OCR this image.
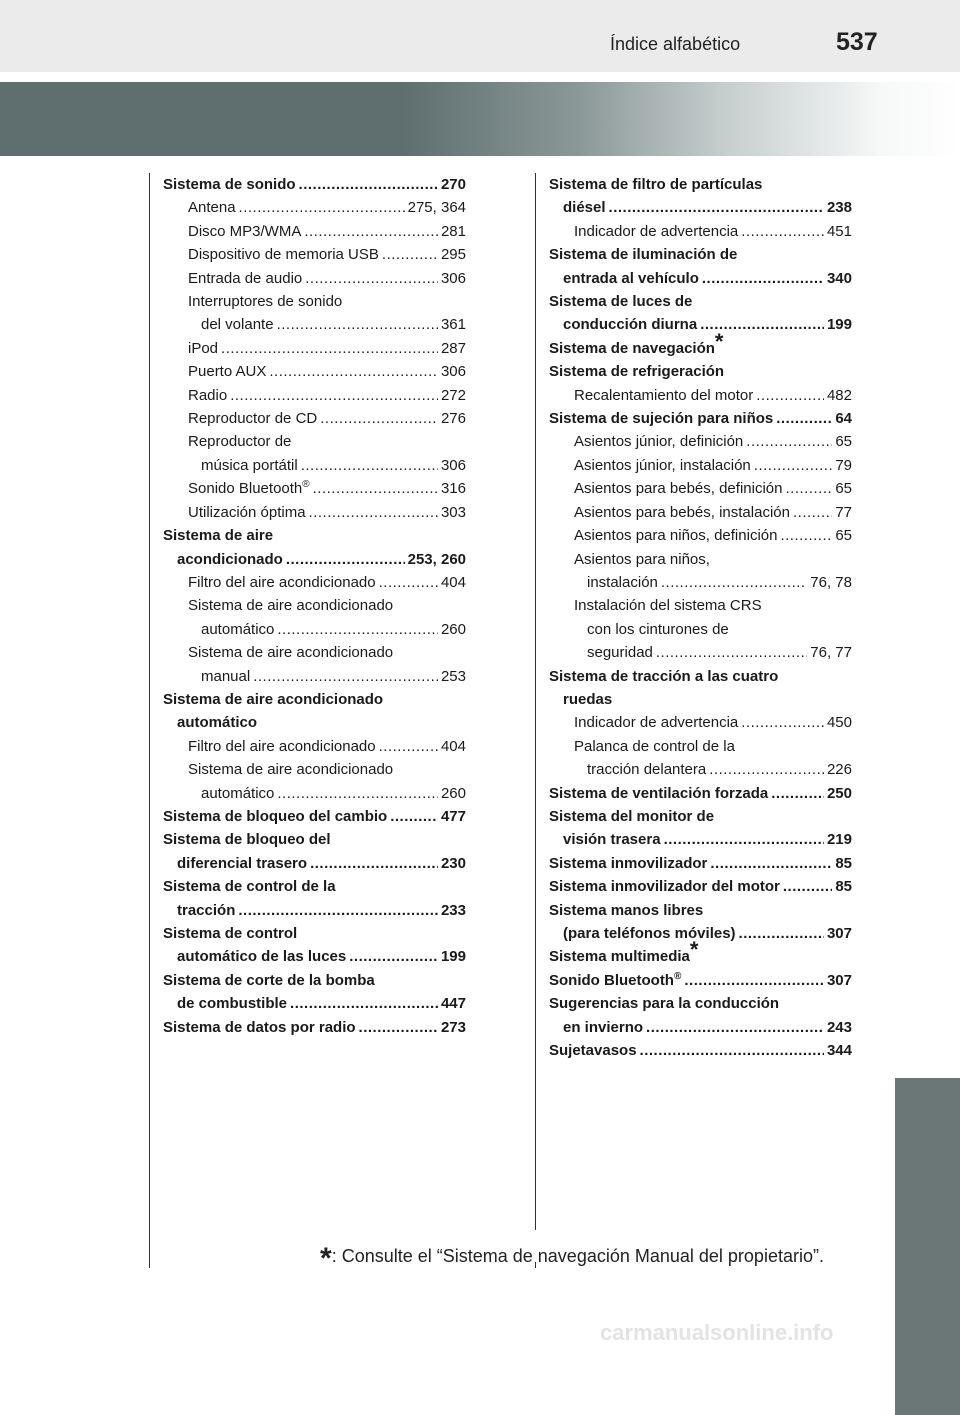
Índice alfabético	537
Sistema de sonido .....	270
Antena .....	275, 364
Disco MP3/WMA .....	281
Dispositivo de memoria USB .....	295
Entrada de audio .....	306
Interruptores de sonido
del volante .....	361
iPod .....	287
Puerto AUX .....	306
Radio .....	272
Reproductor de CD .....	276
Reproductor de
música portátil .....	306
Sonido Bluetooth® .....	316
Utilización óptima .....	303
Sistema de aire
acondicionado .....	253, 260
Filtro del aire acondicionado .....	404
Sistema de aire acondicionado
automático .....	260
Sistema de aire acondicionado
manual .....	253
Sistema de aire acondicionado
automático
Filtro del aire acondicionado .....	404
Sistema de aire acondicionado
automático .....	260
Sistema de bloqueo del cambio .....	477
Sistema de bloqueo del
diferencial trasero .....	230
Sistema de control de la
tracción .....	233
Sistema de control
automático de las luces .....	199
Sistema de corte de la bomba
de combustible .....	447
Sistema de datos por radio .....	273
Sistema de filtro de partículas
diésel .....	238
Indicador de advertencia .....	451
Sistema de iluminación de
entrada al vehículo .....	340
Sistema de luces de
conducción diurna .....	199
Sistema de navegación*
Sistema de refrigeración
Recalentamiento del motor .....	482
Sistema de sujeción para niños .....	64
Asientos júnior, definición .....	65
Asientos júnior, instalación .....	79
Asientos para bebés, definición .....	65
Asientos para bebés, instalación .....	77
Asientos para niños, definición .....	65
Asientos para niños,
instalación .....	76, 78
Instalación del sistema CRS
con los cinturones de
seguridad .....	76, 77
Sistema de tracción a las cuatro
ruedas
Indicador de advertencia .....	450
Palanca de control de la
tracción delantera .....	226
Sistema de ventilación forzada .....	250
Sistema del monitor de
visión trasera .....	219
Sistema inmovilizador .....	85
Sistema inmovilizador del motor .....	85
Sistema manos libres
(para teléfonos móviles) .....	307
Sistema multimedia*
Sonido Bluetooth® .....	307
Sugerencias para la conducción
en invierno .....	243
Sujetavasos .....	344
*: Consulte el “Sistema de navegación Manual del propietario”.
carmanualsonline.info
